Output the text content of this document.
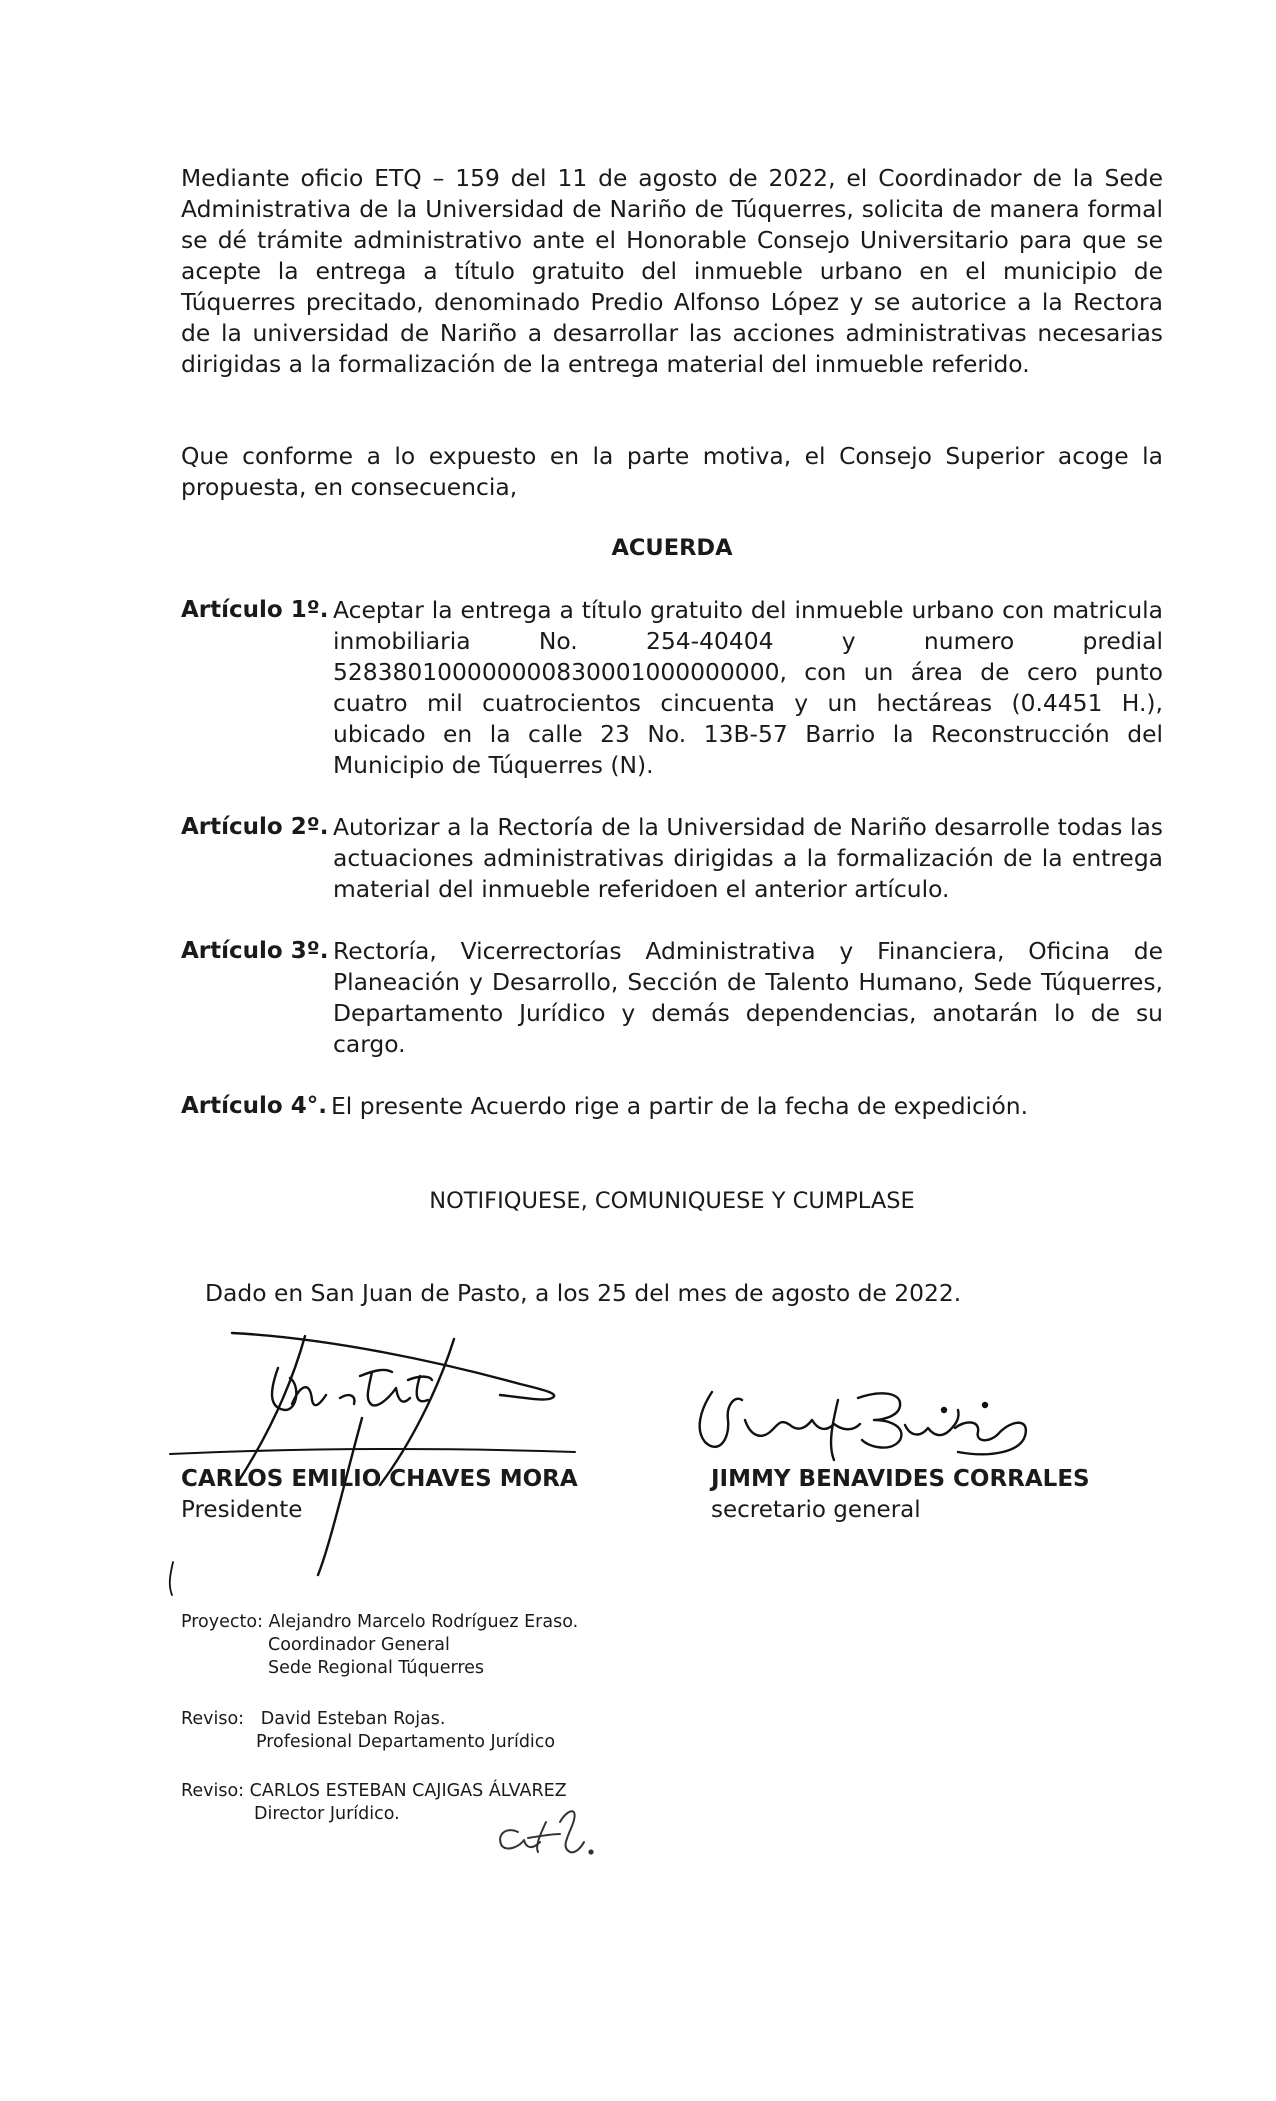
Mediante oficio ETQ – 159 del 11 de agosto de 2022, el Coordinador de la Sede Administrativa de la Universidad de Nariño de Túquerres, solicita de manera formal se dé trámite administrativo ante el Honorable Consejo Universitario para que se acepte la entrega a título gratuito del inmueble urbano en el municipio de Túquerres precitado, denominado Predio Alfonso López y se autorice a la Rectora de la universidad de Nariño a desarrollar las acciones administrativas necesarias dirigidas a la formalización de la entrega material del inmueble referido.
Que conforme a lo expuesto en la parte motiva, el Consejo Superior acoge la propuesta, en consecuencia,
ACUERDA
Artículo 1º. Aceptar la entrega a título gratuito del inmueble urbano con matricula inmobiliaria No. 254-40404 y numero predial 528380100000000830001000000000, con un área de cero punto cuatro mil cuatrocientos cincuenta y un hectáreas (0.4451 H.), ubicado en la calle 23 No. 13B-57 Barrio la Reconstrucción del Municipio de Túquerres (N).
Artículo 2º. Autorizar a la Rectoría de la Universidad de Nariño desarrolle todas las actuaciones administrativas dirigidas a la formalización de la entrega material del inmueble referidoen el anterior artículo.
Artículo 3º. Rectoría, Vicerrectorías Administrativa y Financiera, Oficina de Planeación y Desarrollo, Sección de Talento Humano, Sede Túquerres, Departamento Jurídico y demás dependencias, anotarán lo de su cargo.
Artículo 4°. El presente Acuerdo rige a partir de la fecha de expedición.
NOTIFIQUESE, COMUNIQUESE Y CUMPLASE
Dado en San Juan de Pasto, a los 25 del mes de agosto de 2022.
CARLOS EMILIO CHAVES MORA
Presidente
JIMMY BENAVIDES CORRALES
secretario general
Proyecto: Alejandro Marcelo Rodríguez Eraso.
Coordinador General
Sede Regional Túquerres
Reviso:   David Esteban Rojas.
Profesional Departamento Jurídico
Reviso: CARLOS ESTEBAN CAJIGAS ÁLVAREZ
Director Jurídico.
